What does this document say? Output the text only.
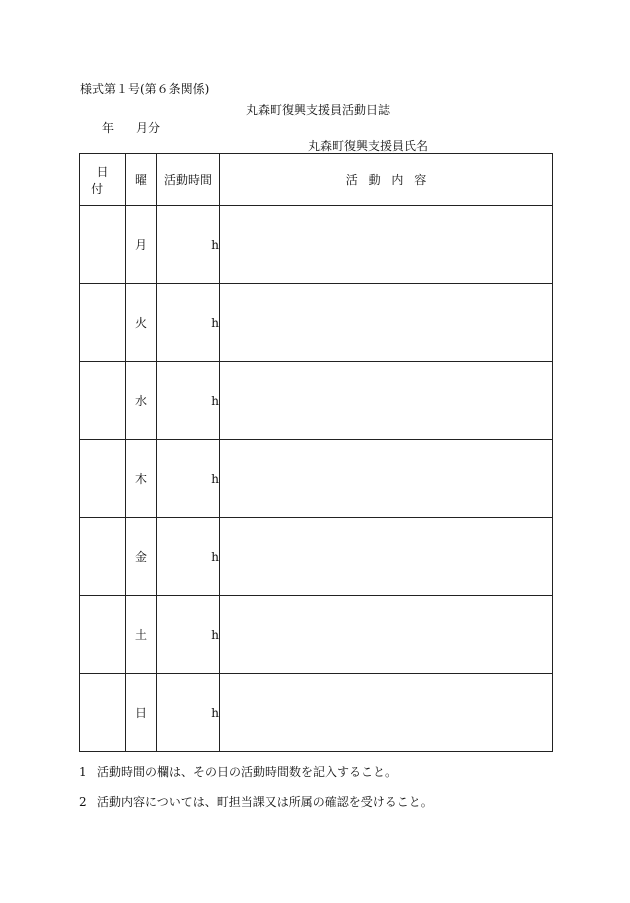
様式第１号(第６条関係)
丸森町復興支援員活動日誌
年 月分
丸森町復興支援員氏名
日付	曜	活動時間	活動内容
	月	h	
	火	h	
	水	h	
	木	h	
	金	h	
	土	h	
	日	h	
1 活動時間の欄は、その日の活動時間数を記入すること。
2 活動内容については、町担当課又は所属の確認を受けること。
